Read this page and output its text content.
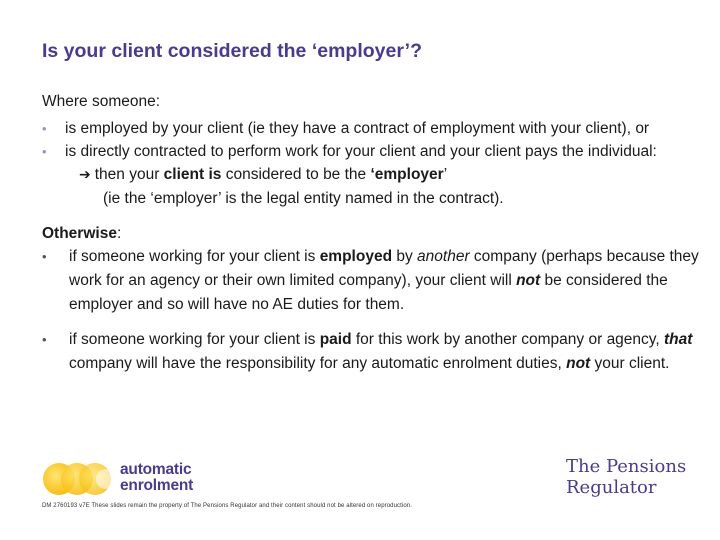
Is your client considered the ‘employer’?

Where someone:

• is employed by your client (ie they have a contract of employment with your client), or
• is directly contracted to perform work for your client and your client pays the individual:
➔ then your client is considered to be the ‘employer’
(ie the ‘employer’ is the legal entity named in the contract).

Otherwise:

• if someone working for your client is employed by another company (perhaps because they work for an agency or their own limited company), your client will not be considered the employer and so will have no AE duties for them.
• if someone working for your client is paid for this work by another company or agency, that company will have the responsibility for any automatic enrolment duties, not your client.
automatic
enrolment
The Pensions
Regulator
DM 2760193 v7E These slides remain the property of The Pensions Regulator and their content should not be altered on reproduction.
